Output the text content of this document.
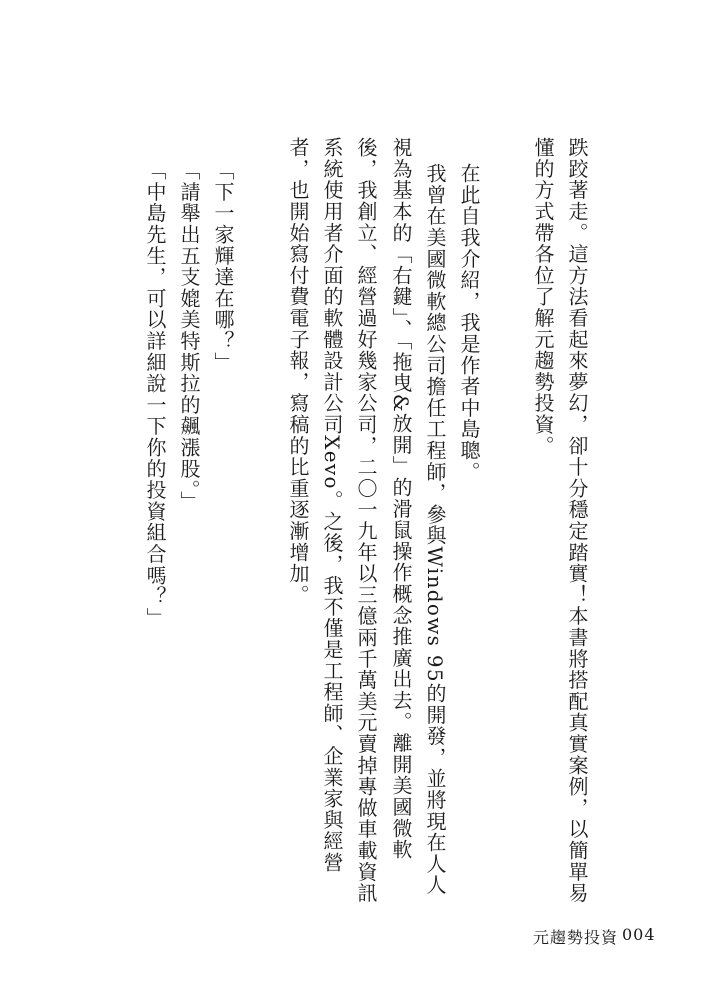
跌跤著走。這方法看起來夢幻，卻十分穩定踏實！本書將搭配真實案例，以簡單易
懂的方式帶各位了解元趨勢投資。
在此自我介紹，我是作者中島聰。
我曾在美國微軟總公司擔任工程師，參與Windows 95的開發，並將現在人人
視為基本的「右鍵」、「拖曳&放開」的滑鼠操作概念推廣出去。離開美國微軟
後，我創立、經營過好幾家公司，二〇一九年以三億兩千萬美元賣掉專做車載資訊
系統使用者介面的軟體設計公司Xevo。之後，我不僅是工程師、企業家與經營
者，也開始寫付費電子報，寫稿的比重逐漸增加。
「下一家輝達在哪？」
「請舉出五支媲美特斯拉的飆漲股。」
「中島先生，可以詳細說一下你的投資組合嗎？」
元趨勢投資 004
